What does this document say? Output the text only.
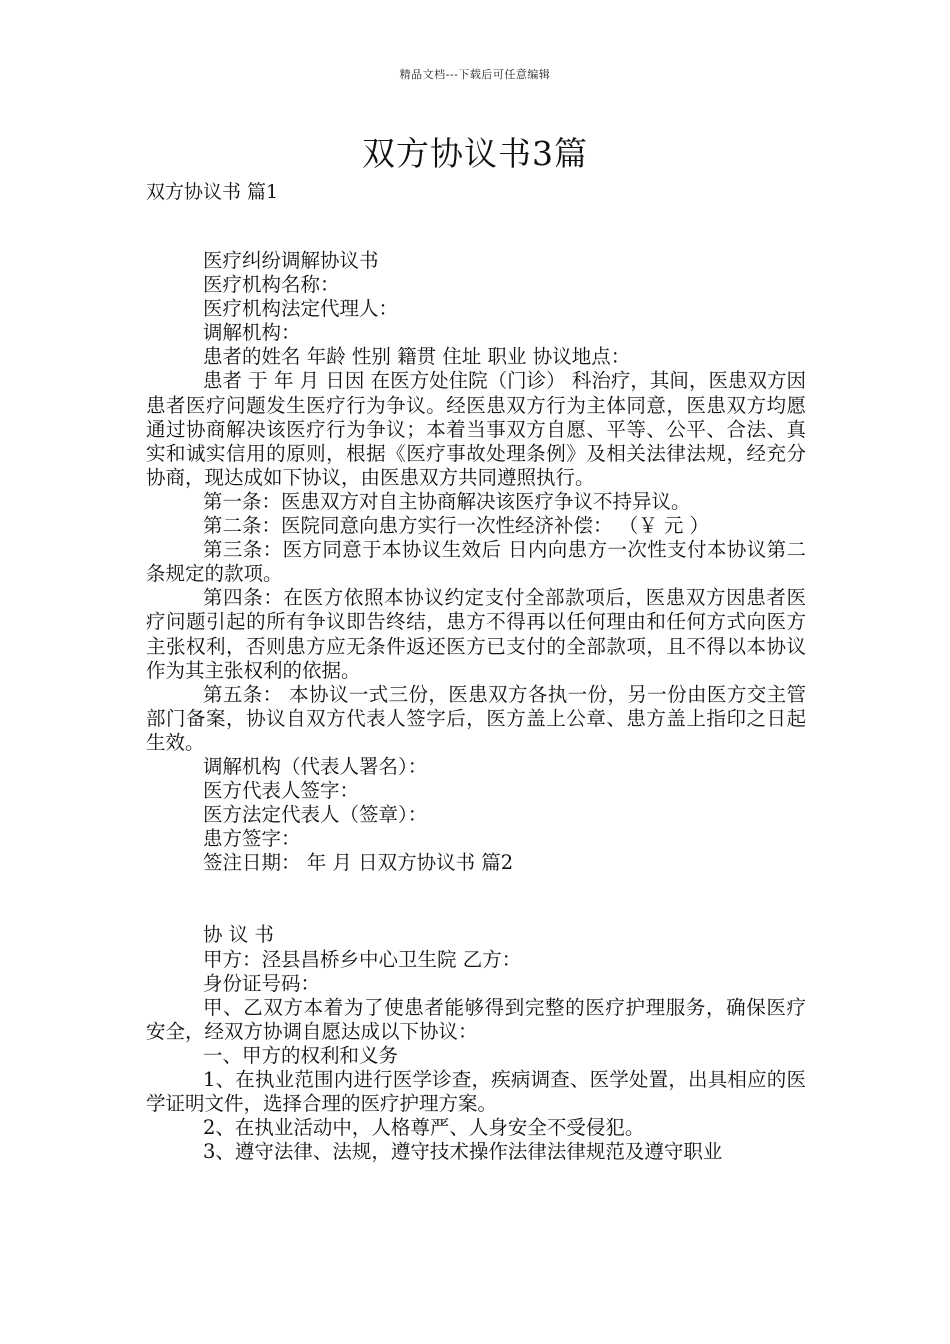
精品文档---下载后可任意编辑
双方协议书3篇
双方协议书 篇1

医疗纠纷调解协议书

医疗机构名称：

医疗机构法定代理人：

调解机构：

患者的姓名 年龄 性别 籍贯 住址 职业 协议地点：

患者 于 年 月 日因 在医方处住院（门诊） 科治疗，其间，医患双方因患者医疗问题发生医疗行为争议。经医患双方行为主体同意，医患双方均愿通过协商解决该医疗行为争议；本着当事双方自愿、平等、公平、合法、真实和诚实信用的原则，根据《医疗事故处理条例》及相关法律法规，经充分协商，现达成如下协议，由医患双方共同遵照执行。

第一条：医患双方对自主协商解决该医疗争议不持异议。

第二条：医院同意向患方实行一次性经济补偿： （￥ 元 ）

第三条：医方同意于本协议生效后 日内向患方一次性支付本协议第二条规定的款项。

第四条：在医方依照本协议约定支付全部款项后，医患双方因患者医疗问题引起的所有争议即告终结，患方不得再以任何理由和任何方式向医方主张权利，否则患方应无条件返还医方已支付的全部款项，且不得以本协议作为其主张权利的依据。

第五条： 本协议一式三份，医患双方各执一份，另一份由医方交主管部门备案，协议自双方代表人签字后，医方盖上公章、患方盖上指印之日起生效。

调解机构（代表人署名）：

医方代表人签字：

医方法定代表人（签章）：

患方签字：

签注日期： 年 月 日双方协议书 篇2

协 议 书

甲方：泾县昌桥乡中心卫生院 乙方：

身份证号码：

甲、乙双方本着为了使患者能够得到完整的医疗护理服务，确保医疗安全，经双方协调自愿达成以下协议：

一、甲方的权利和义务

1、在执业范围内进行医学诊查，疾病调查、医学处置，出具相应的医学证明文件，选择合理的医疗护理方案。

2、在执业活动中，人格尊严、人身安全不受侵犯。

3、遵守法律、法规，遵守技术操作法律法律规范及遵守职业
